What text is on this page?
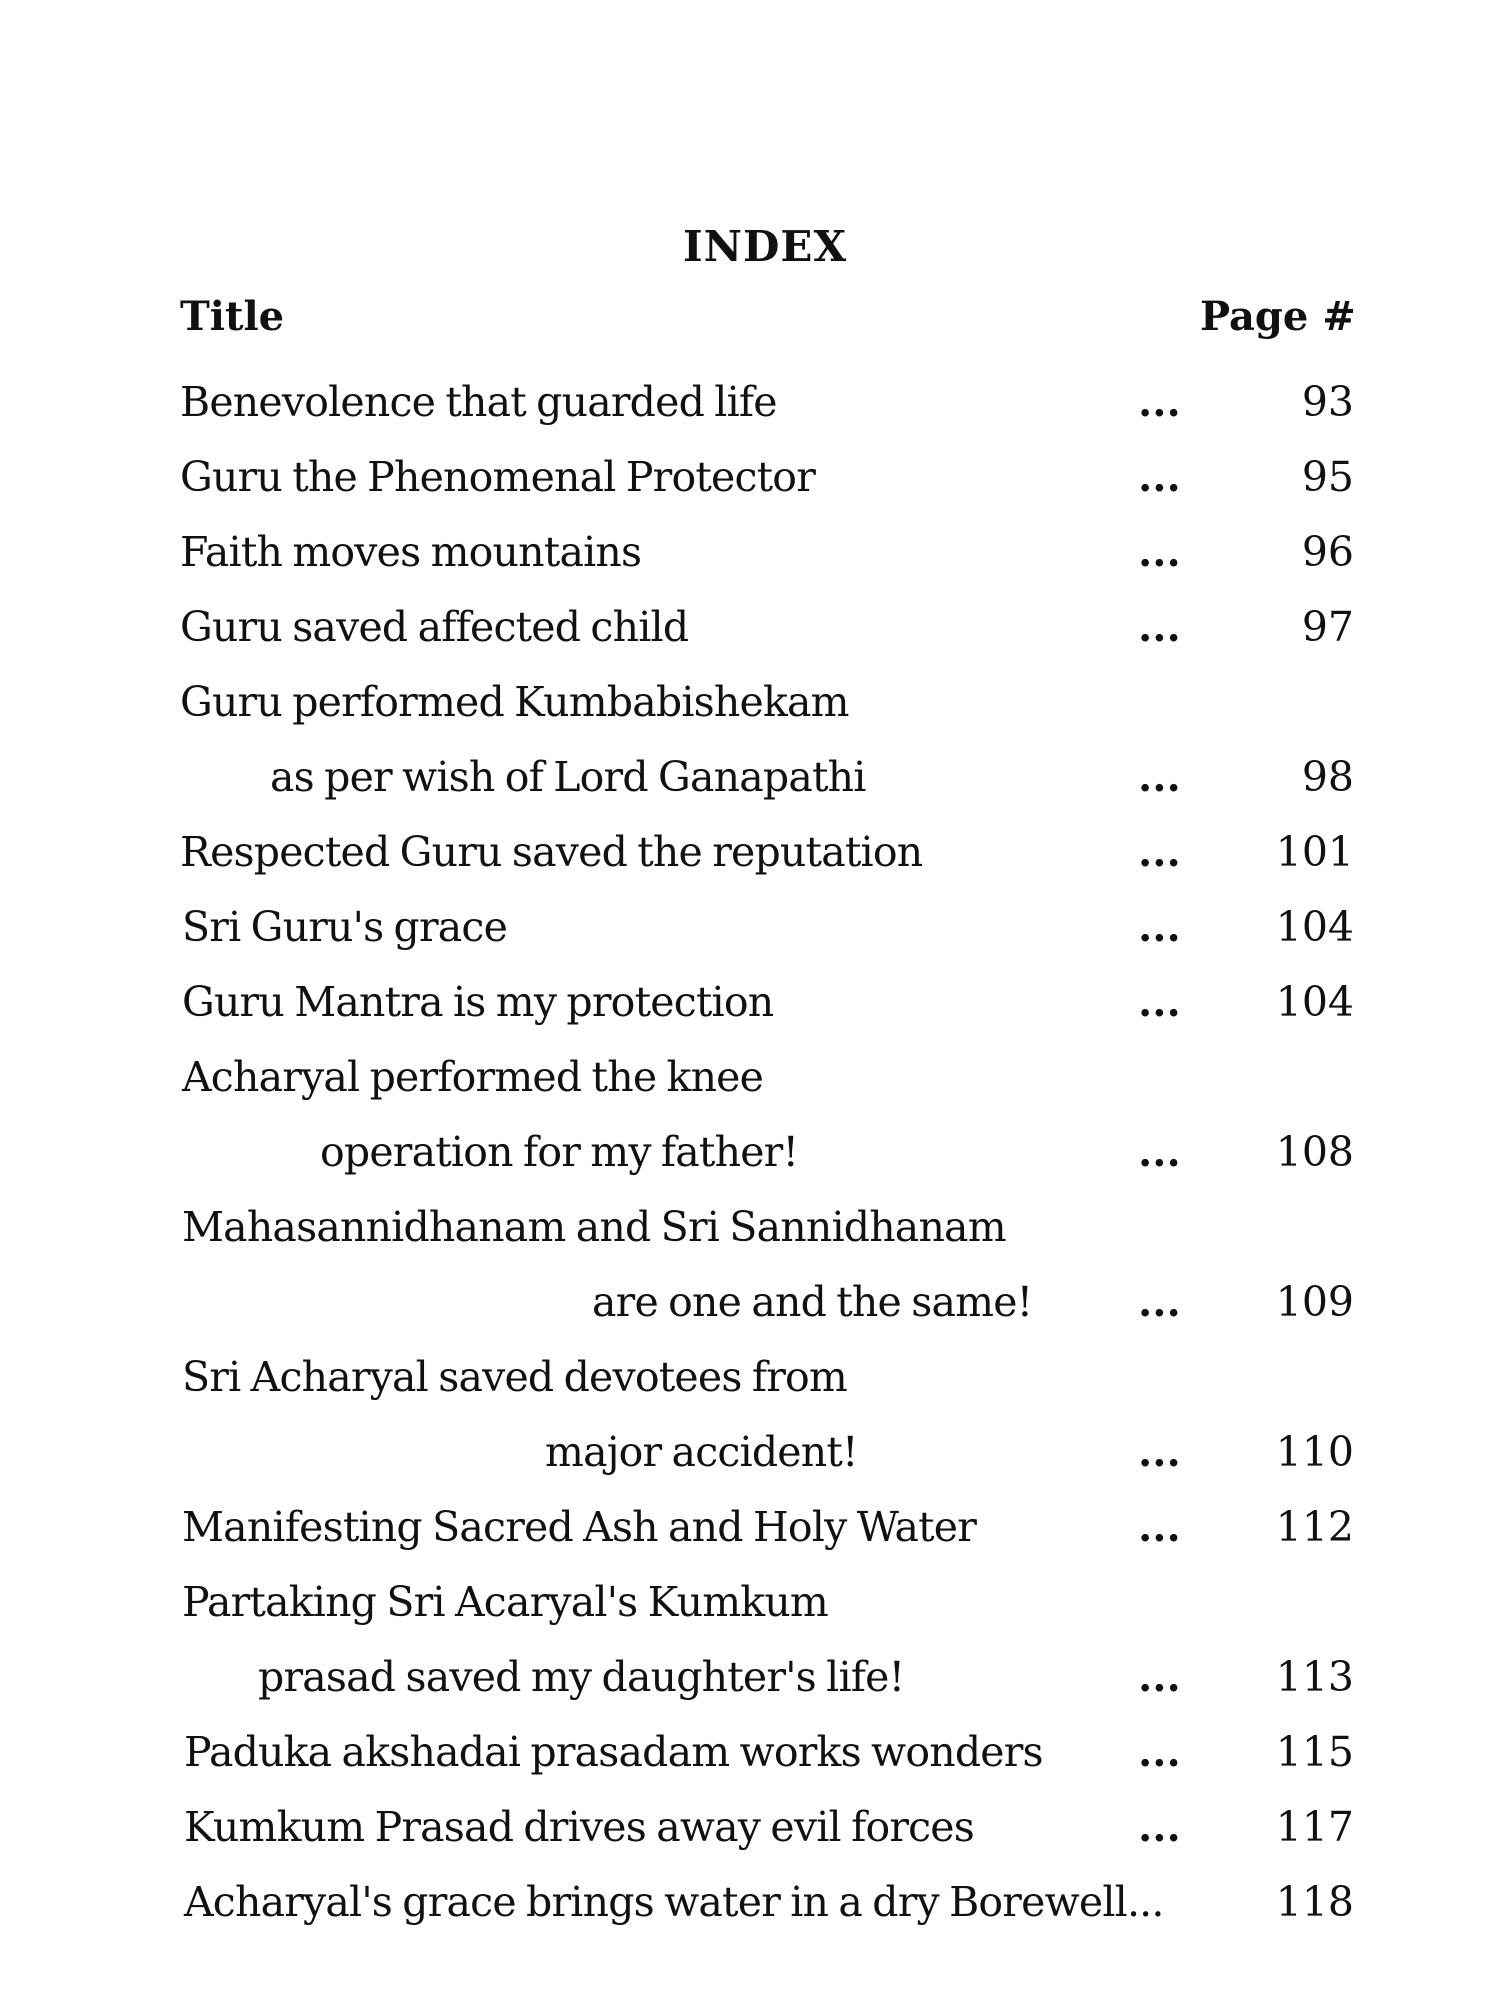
INDEX
Title	Page #
Benevolence that guarded life	...	93
Guru the Phenomenal Protector	...	95
Faith moves mountains	...	96
Guru saved affected child	...	97
Guru performed Kumbabishekam
as per wish of Lord Ganapathi	...	98
Respected Guru saved the reputation	... 101
Sri Guru's grace	... 104
Guru Mantra is my protection	... 104
Acharyal performed the knee
operation for my father!	... 108
Mahasannidhanam and Sri Sannidhanam
are one and the same!	... 109
Sri Acharyal saved devotees from
major accident!	... 110
Manifesting Sacred Ash and Holy Water	... 112
Partaking Sri Acaryal's Kumkum
prasad saved my daughter's life!	... 113
Paduka akshadai prasadam works wonders ... 115
Kumkum Prasad drives away evil forces	... 117
Acharyal's grace brings water in a dry Borewell...	118
